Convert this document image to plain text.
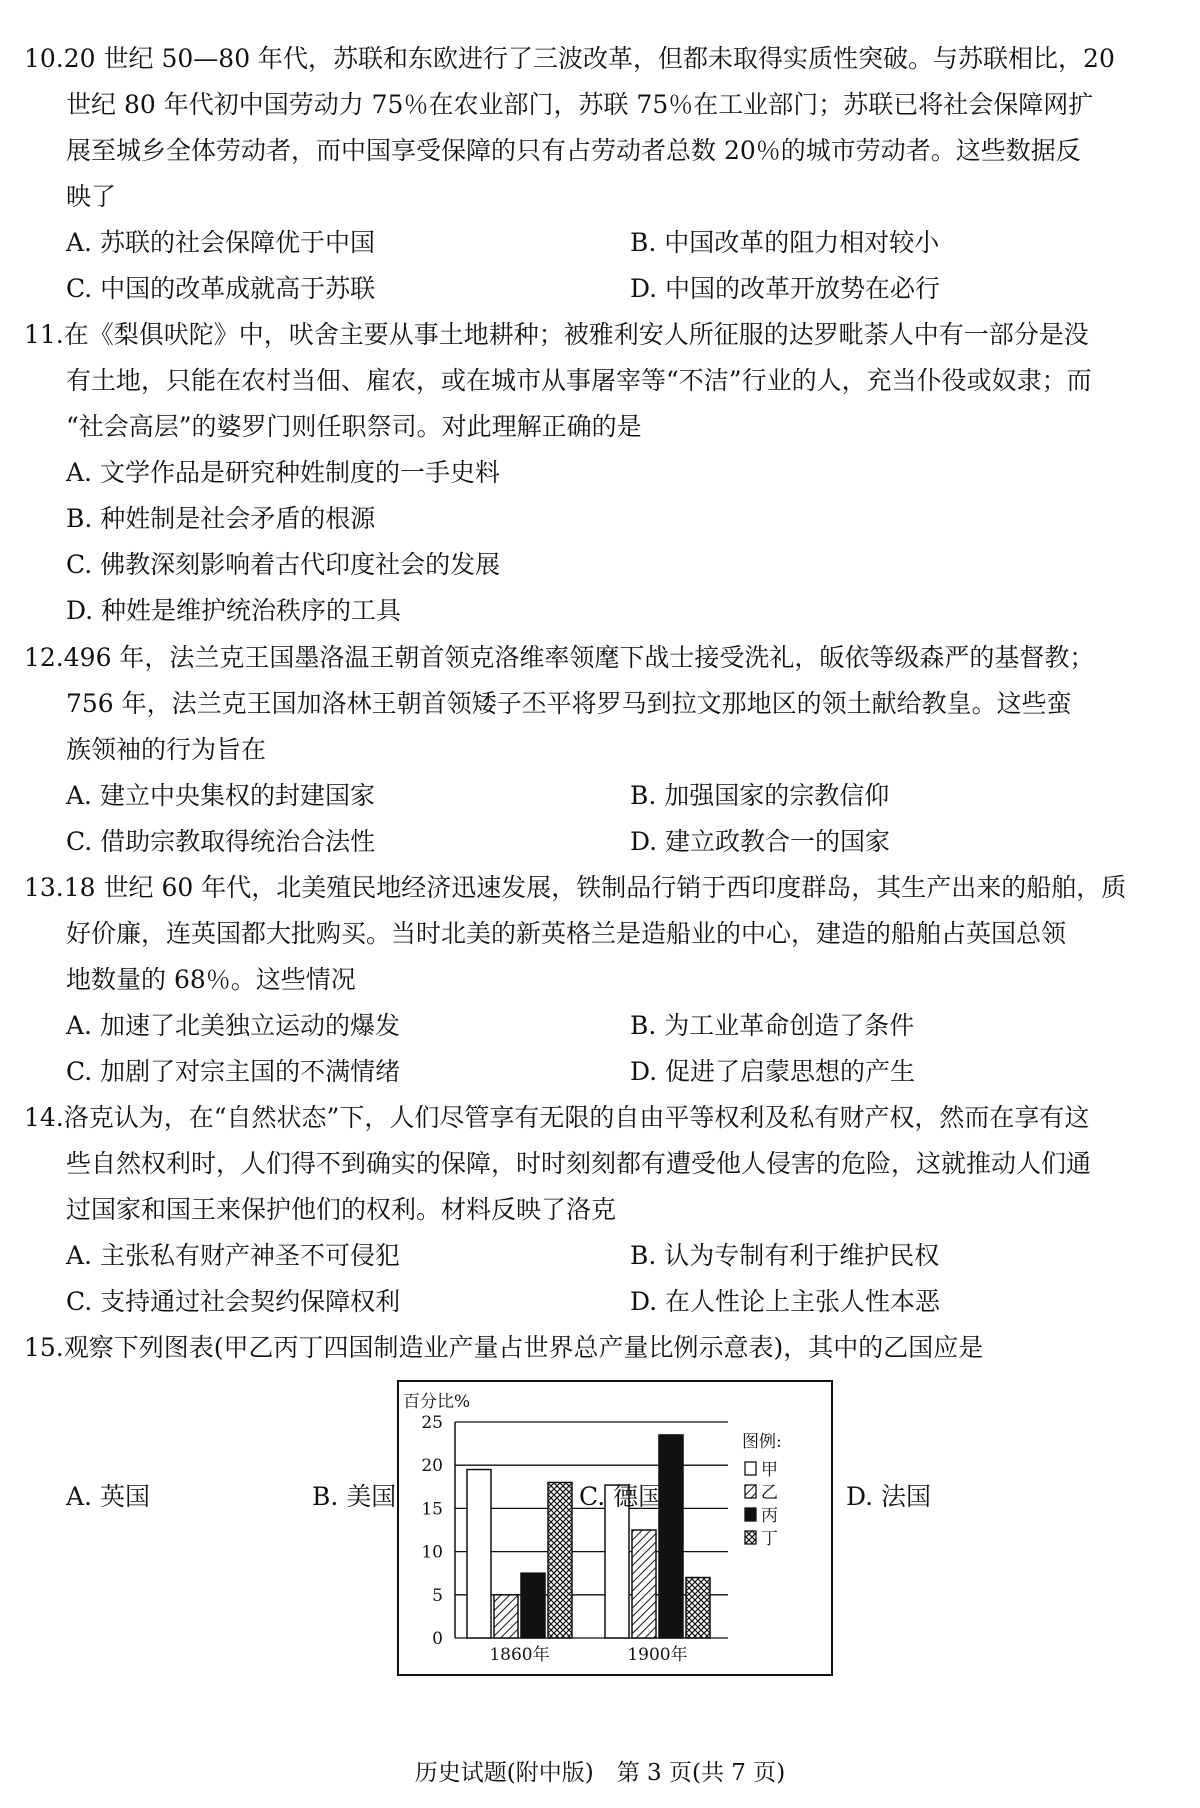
10.20 世纪 50—80 年代，苏联和东欧进行了三波改革，但都未取得实质性突破。与苏联相比，20
世纪 80 年代初中国劳动力 75％在农业部门，苏联 75％在工业部门；苏联已将社会保障网扩
展至城乡全体劳动者，而中国享受保障的只有占劳动者总数 20％的城市劳动者。这些数据反
映了
A. 苏联的社会保障优于中国	B. 中国改革的阻力相对较小
C. 中国的改革成就高于苏联	D. 中国的改革开放势在必行
11.在《梨俱吠陀》中，吠舍主要从事土地耕种；被雅利安人所征服的达罗毗荼人中有一部分是没
有土地，只能在农村当佃、雇农，或在城市从事屠宰等“不洁”行业的人，充当仆役或奴隶；而
“社会高层”的婆罗门则任职祭司。对此理解正确的是
A. 文学作品是研究种姓制度的一手史料
B. 种姓制是社会矛盾的根源
C. 佛教深刻影响着古代印度社会的发展
D. 种姓是维护统治秩序的工具
12.496 年，法兰克王国墨洛温王朝首领克洛维率领麾下战士接受洗礼，皈依等级森严的基督教；
756 年，法兰克王国加洛林王朝首领矮子丕平将罗马到拉文那地区的领土献给教皇。这些蛮
族领袖的行为旨在
A. 建立中央集权的封建国家	B. 加强国家的宗教信仰
C. 借助宗教取得统治合法性	D. 建立政教合一的国家
13.18 世纪 60 年代，北美殖民地经济迅速发展，铁制品行销于西印度群岛，其生产出来的船舶，质
好价廉，连英国都大批购买。当时北美的新英格兰是造船业的中心，建造的船舶占英国总领
地数量的 68％。这些情况
A. 加速了北美独立运动的爆发	B. 为工业革命创造了条件
C. 加剧了对宗主国的不满情绪	D. 促进了启蒙思想的产生
14.洛克认为，在“自然状态”下，人们尽管享有无限的自由平等权利及私有财产权，然而在享有这
些自然权利时，人们得不到确实的保障，时时刻刻都有遭受他人侵害的危险，这就推动人们通
过国家和国王来保护他们的权利。材料反映了洛克
A. 主张私有财产神圣不可侵犯	B. 认为专制有利于维护民权
C. 支持通过社会契约保障权利	D. 在人性论上主张人性本恶
15.观察下列图表(甲乙丙丁四国制造业产量占世界总产量比例示意表)，其中的乙国应是
百分比%
0
5
10
15
20
25
1860年	1900年
图例:
甲
乙
丙
丁
A. 英国	B. 美国	C. 德国	D. 法国
历史试题(附中版)　第 3 页(共 7 页)
